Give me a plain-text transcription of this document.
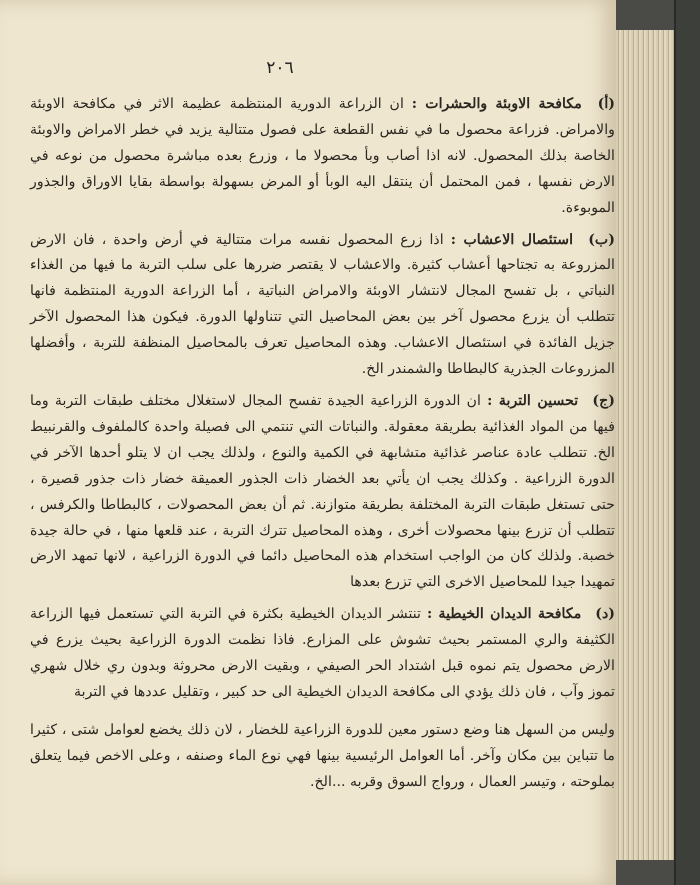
٢٠٦

(أ) مكافحة الاوبئة والحشرات : ان الزراعة الدورية المنتظمة عظيمة الاثر في مكافحة الاوبئة والامراض. فزراعة محصول ما في نفس القطعة على فصول متتالية يزيد في خطر الامراض والاوبئة الخاصة بذلك المحصول. لانه اذا أصاب وبأ محصولا ما ، وزرع بعده مباشرة محصول من نوعه في الارض نفسها ، فمن المحتمل أن ينتقل اليه الوبأ أو المرض بسهولة بواسطة بقايا الاوراق والجذور الموبوءة.

(ب) استئصال الاعشاب : اذا زرع المحصول نفسه مرات متتالية في أرض واحدة ، فان الارض المزروعة به تجتاحها أعشاب كثيرة. والاعشاب لا يقتصر ضررها على سلب التربة ما فيها من الغذاء النباتي ، بل تفسح المجال لانتشار الاوبئة والامراض النباتية ، أما الزراعة الدورية المنتظمة فانها تتطلب أن يزرع محصول آخر بين بعض المحاصيل التي تتناولها الدورة. فيكون هذا المحصول الآخر جزيل الفائدة في استئصال الاعشاب. وهذه المحاصيل تعرف بالمحاصيل المنظفة للتربة ، وأفضلها المزروعات الجذرية كالبطاطا والشمندر الخ.

(ج) تحسين التربة : ان الدورة الزراعية الجيدة تفسح المجال لاستغلال مختلف طبقات التربة وما فيها من المواد الغذائية بطريقة معقولة. والنباتات التي تنتمي الى فصيلة واحدة كالملفوف والقرنبيط الخ. تتطلب عادة عناصر غذائية متشابهة في الكمية والنوع ، ولذلك يجب ان لا يتلو أحدها الآخر في الدورة الزراعية . وكذلك يجب ان يأتي بعد الخضار ذات الجذور العميقة خضار ذات جذور قصيرة ، حتى تستغل طبقات التربة المختلفة بطريقة متوازنة. ثم أن بعض المحصولات ، كالبطاطا والكرفس ، تتطلب أن تزرع بينها محصولات أخرى ، وهذه المحاصيل تترك التربة ، عند قلعها منها ، في حالة جيدة خصبة. ولذلك كان من الواجب استخدام هذه المحاصيل دائما في الدورة الزراعية ، لانها تمهد الارض تمهيدا جيدا للمحاصيل الاخرى التي تزرع بعدها

(د) مكافحة الديدان الخيطية : تنتشر الديدان الخيطية بكثرة في التربة التي تستعمل فيها الزراعة الكثيفة والري المستمر بحيث تشوش على المزارع. فاذا نظمت الدورة الزراعية بحيث يزرع في الارض محصول يتم نموه قبل اشتداد الحر الصيفي ، وبقيت الارض محروثة وبدون ري خلال شهري تموز وآب ، فان ذلك يؤدي الى مكافحة الديدان الخيطية الى حد كبير ، وتقليل عددها في التربة

وليس من السهل هنا وضع دستور معين للدورة الزراعية للخضار ، لان ذلك يخضع لعوامل شتى ، كثيرا ما تتباين بين مكان وآخر. أما العوامل الرئيسية بينها فهي نوع الماء وصنفه ، وعلى الاخص فيما يتعلق بملوحته ، وتيسر العمال ، ورواج السوق وقربه ...الخ.
